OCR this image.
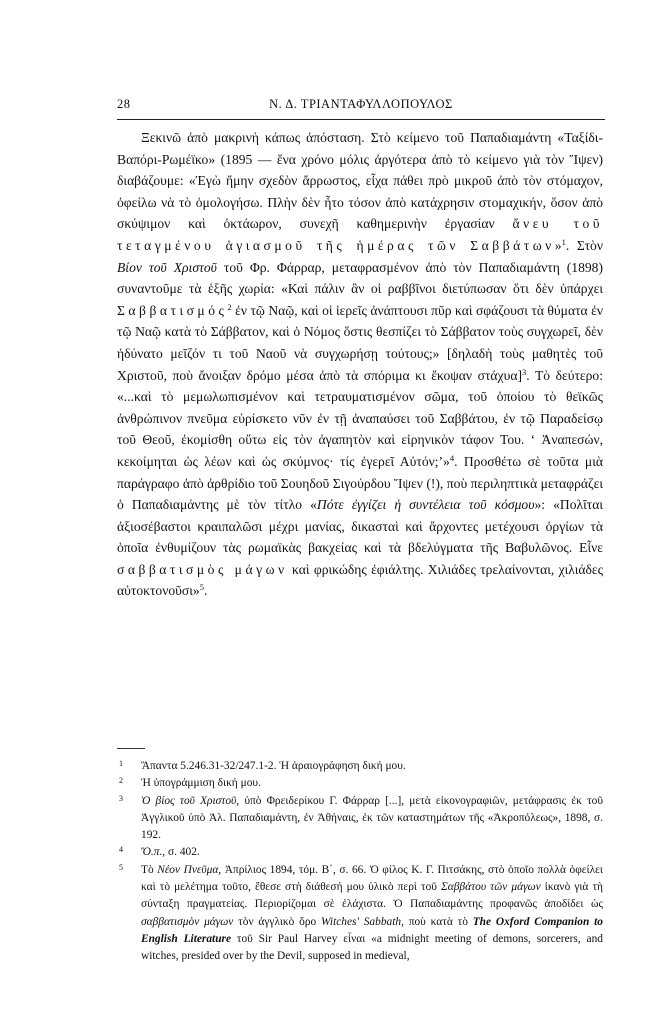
28	Ν. Δ. ΤΡΙΑΝΤΑΦΥΛΛΟΠΟΥΛΟΣ

Ξεκινῶ ἀπὸ μακρινὴ κάπως ἀπόσταση. Στὸ κείμενο τοῦ Παπαδιαμάντη «Ταξίδι-Βαπόρι-Ρωμέϊκο» (1895 — ἕνα χρόνο μόλις ἀργότερα ἀπὸ τὸ κείμενο γιὰ τὸν Ἴψεν) διαβάζουμε: «Ἐγὼ ἤμην σχεδὸν ἄρρωστος, εἶχα πάθει πρὸ μικροῦ ἀπὸ τὸν στόμαχον, ὀφείλω νὰ τὸ ὁμολογήσω. Πλὴν δὲν ἦτο τόσον ἀπὸ κατάχρησιν στομαχικήν, ὅσον ἀπὸ σκύψιμον καὶ ὀκτάωρον, συνεχῆ καθημερινὴν ἐργασίαν ἄνευ τοῦ τεταγμένου ἁγιασμοῦ τῆς ἡμέρας τῶν Σαββάτων»$^1$. Στὸν Βίον τοῦ Χριστοῦ τοῦ Φρ. Φάρραρ, μεταφρασμένον ἀπὸ τὸν Παπαδιαμάντη (1898) συναντοῦμε τὰ ἑξῆς χωρία: «Καὶ πάλιν ἂν οἱ ραββῖνοι διετύπωσαν ὅτι δὲν ὑπάρχει Σαββατισμός$^2$ ἐν τῷ Ναῷ, καὶ οἱ ἱερεῖς ἀνάπτουσι πῦρ καὶ σφάζουσι τὰ θύματα ἐν τῷ Ναῷ κατὰ τὸ Σάββατον, καὶ ὁ Νόμος ὅστις θεσπίζει τὸ Σάββατον τοὺς συγχωρεῖ, δὲν ἠδύνατο μεῖζόν τι τοῦ Ναοῦ νὰ συγχωρήσῃ τούτους;» [δηλαδὴ τοὺς μαθητὲς τοῦ Χριστοῦ, ποὺ ἄνοιξαν δρόμο μέσα ἀπὸ τὰ σπόριμα κι ἔκοψαν στάχυα]$^3$. Τὸ δεύτερο: «...καὶ τὸ μεμωλωπισμένον καὶ τετραυματισμένον σῶμα, τοῦ ὁποίου τὸ θεϊκῶς ἀνθρώπινον πνεῦμα εὑρίσκετο νῦν ἐν τῇ ἀναπαύσει τοῦ Σαββάτου, ἐν τῷ Παραδείσῳ τοῦ Θεοῦ, ἐκομίσθη οὕτω εἰς τὸν ἀγαπητὸν καὶ εἰρηνικὸν τάφον Του. ‘ Ἀναπεσών, κεκοίμηται ὡς λέων καὶ ὡς σκύμνος· τίς ἐγερεῖ Αὐτόν;’»$^4$. Προσθέτω σὲ τοῦτα μιὰ παράγραφο ἀπὸ ἀρθρίδιο τοῦ Σουηδοῦ Σιγούρδου Ἴψεν (!), ποὺ περιληπτικὰ μεταφράζει ὁ Παπαδιαμάντης μὲ τὸν τίτλο «Πότε ἐγγίζει ἡ συντέλεια τοῦ κόσμου»: «Πολῖται ἀξιοσέβαστοι κραιπαλῶσι μέχρι μανίας, δικασταὶ καὶ ἄρχοντες μετέχουσι ὀργίων τὰ ὁποῖα ἐνθυμίζουν τὰς ρωμαϊκὰς βακχείας καὶ τὰ βδελύγματα τῆς Βαβυλῶνος. Εἶνε σαββατισμὸς μάγων καὶ φρικώδης ἐφιάλτης. Χιλιάδες τρελαίνονται, χιλιάδες αὐτοκτονοῦσι»$^5$.

1 Ἅπαντα 5.246.31-32/247.1-2. Ἡ ἀραιογράφηση δική μου.
2 Ἡ ὑπογράμμιση δική μου.
3 Ὁ βίος τοῦ Χριστοῦ, ὑπὸ Φρειδερίκου Γ. Φάρραρ [...], μετὰ εἰκονογραφιῶν, μετάφρασις ἐκ τοῦ Ἀγγλικοῦ ὑπὸ Ἀλ. Παπαδιαμάντη, ἐν Ἀθήναις, ἐκ τῶν καταστημάτων τῆς «Ἀκροπόλεως», 1898, σ. 192.
4 Ὅ.π., σ. 402.
5 Τὸ Νέον Πνεῦμα, Ἀπρίλιος 1894, τόμ. Β΄, σ. 66. Ὁ φίλος Κ. Γ. Πιτσάκης, στὸ ὁποῖο πολλὰ ὀφείλει καὶ τὸ μελέτημα τοῦτο, ἔθεσε στὴ διάθεσή μου ὑλικὸ περὶ τοῦ Σαββάτου τῶν μάγων ἱκανὸ γιὰ τὴ σύνταξη πραγματείας. Περιορίζομαι σὲ ἐλάχιστα. Ὁ Παπαδιαμάντης προφανῶς ἀποδίδει ὡς σαββατισμὸν μάγων τὸν ἀγγλικὸ ὅρο Witches' Sabbath, ποὺ κατὰ τὸ The Oxford Companion to English Literature τοῦ Sir Paul Harvey εἶναι «a midnight meeting of demons, sorcerers, and witches, presided over by the Devil, supposed in medieval,
